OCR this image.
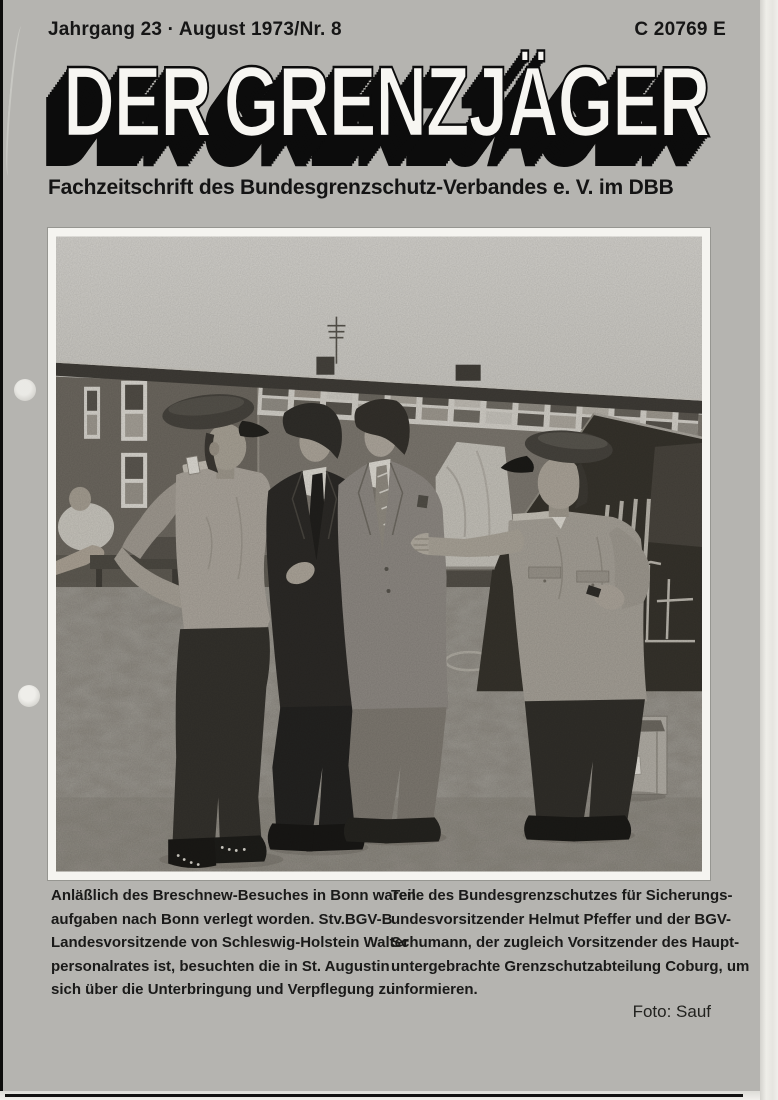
Jahrgang 23 · August 1973/Nr. 8	C 20769 E
DER GRENZJÄGER
Fachzeitschrift des Bundesgrenzschutz-Verbandes e. V. im DBB
Anläßlich des Breschnew-Besuches in Bonn waren
aufgaben nach Bonn verlegt worden. Stv.BGV-B
Landesvorsitzende von Schleswig-Holstein Walter
personalrates ist, besuchten die in St. Augustin
sich über die Unterbringung und Verpflegung zu
Teile des Bundesgrenzschutzes für Sicherungs-
undesvorsitzender Helmut Pfeffer und der BGV-
Schumann, der zugleich Vorsitzender des Haupt-
untergebrachte Grenzschutzabteilung Coburg, um
informieren.
Foto: Sauf
